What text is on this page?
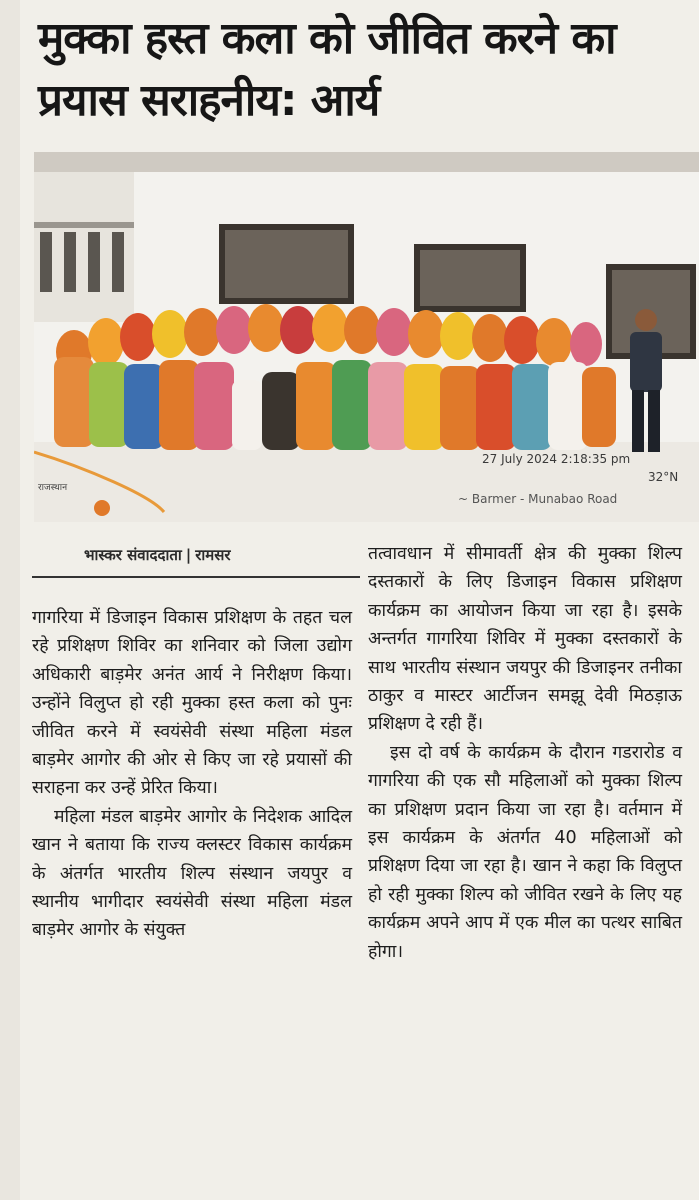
मुक्का हस्त कला को जीवित करने का प्रयास सराहनीय: आर्य
27 July 2024 2:18:35 pm
32°N
~ Barmer - Munabao Road
राजस्थान
भास्कर संवाददाता | रामसर

गागरिया में डिजाइन विकास प्रशिक्षण के तहत चल रहे प्रशिक्षण शिविर का शनिवार को जिला उद्योग अधिकारी बाड़मेर अनंत आर्य ने निरीक्षण किया। उन्होंने विलुप्त हो रही मुक्का हस्त कला को पुनः जीवित करने में स्वयंसेवी संस्था महिला मंडल बाड़मेर आगोर की ओर से किए जा रहे प्रयासों की सराहना कर उन्हें प्रेरित किया।

महिला मंडल बाड़मेर आगोर के निदेशक आदिल खान ने बताया कि राज्य क्लस्टर विकास कार्यक्रम के अंतर्गत भारतीय शिल्प संस्थान जयपुर व स्थानीय भागीदार स्वयंसेवी संस्था महिला मंडल बाड़मेर आगोर के संयुक्त

तत्वावधान में सीमावर्ती क्षेत्र की मुक्का शिल्प दस्तकारों के लिए डिजाइन विकास प्रशिक्षण कार्यक्रम का आयोजन किया जा रहा है। इसके अन्तर्गत गागरिया शिविर में मुक्का दस्तकारों के साथ भारतीय संस्थान जयपुर की डिजाइनर तनीका ठाकुर व मास्टर आर्टीजन समझू देवी मिठड़ाऊ प्रशिक्षण दे रही हैं।

इस दो वर्ष के कार्यक्रम के दौरान गडरारोड व गागरिया की एक सौ महिलाओं को मुक्का शिल्प का प्रशिक्षण प्रदान किया जा रहा है। वर्तमान में इस कार्यक्रम के अंतर्गत 40 महिलाओं को प्रशिक्षण दिया जा रहा है। खान ने कहा कि विलुप्त हो रही मुक्का शिल्प को जीवित रखने के लिए यह कार्यक्रम अपने आप में एक मील का पत्थर साबित होगा।
